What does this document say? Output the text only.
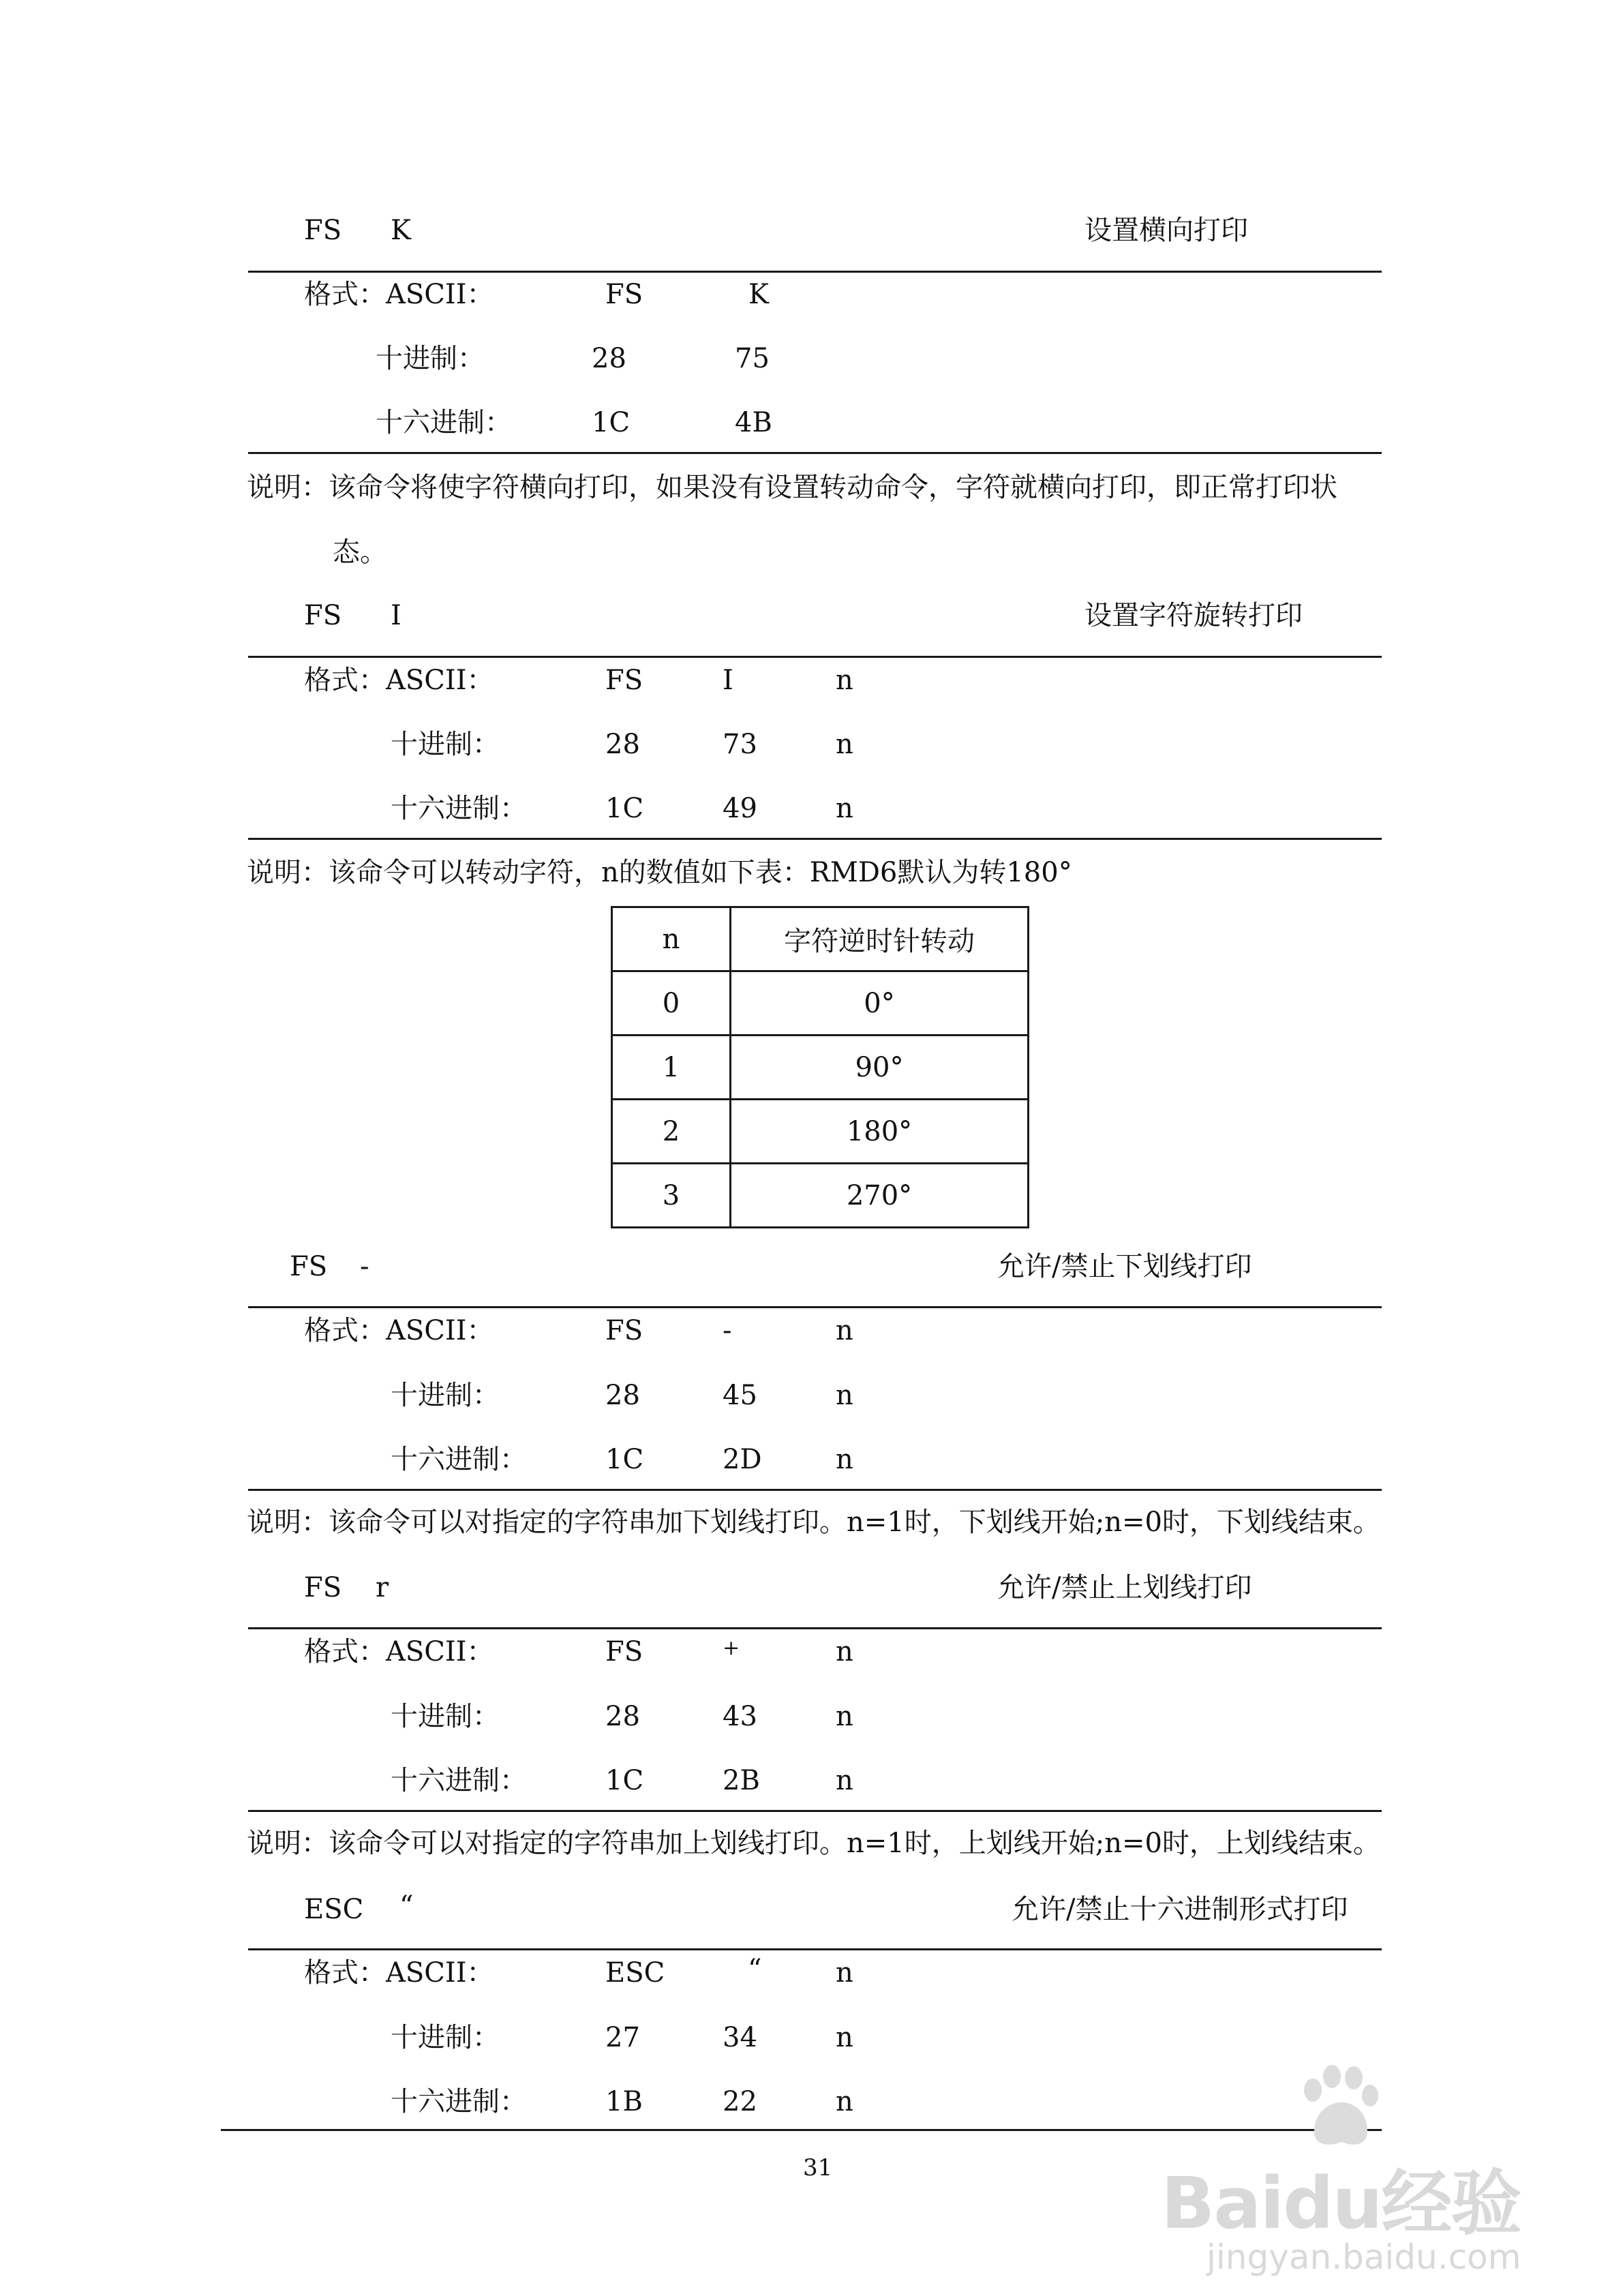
FS K	设置横向打印
格式：ASCII：	FS	K
十进制：	28	75
十六进制：	1C	4B
说明：该命令将使字符横向打印，如果没有设置转动命令，字符就横向打印，即正常打印状
态。
FS I	设置字符旋转打印
格式：ASCII：	FS	I	n
十进制：	28	73	n
十六进制：	1C	49	n
说明：该命令可以转动字符，n的数值如下表：RMD6默认为转180°
n	字符逆时针转动
0	0°
1	90°
2	180°
3	270°
FS -	允许/禁止下划线打印
格式：ASCII：	FS	-	n
十进制：	28	45	n
十六进制：	1C	2D	n
说明：该命令可以对指定的字符串加下划线打印。n=1时，下划线开始;n=0时，下划线结束。
FS r	允许/禁止上划线打印
格式：ASCII：	FS	+	n
十进制：	28	43	n
十六进制：	1C	2B	n
说明：该命令可以对指定的字符串加上划线打印。n=1时，上划线开始;n=0时，上划线结束。
ESC “	允许/禁止十六进制形式打印
格式：ASCII：	ESC	“	n
十进制：	27	34	n
十六进制：	1B	22	n
31	Baidu经验
jingyan.baidu.com
